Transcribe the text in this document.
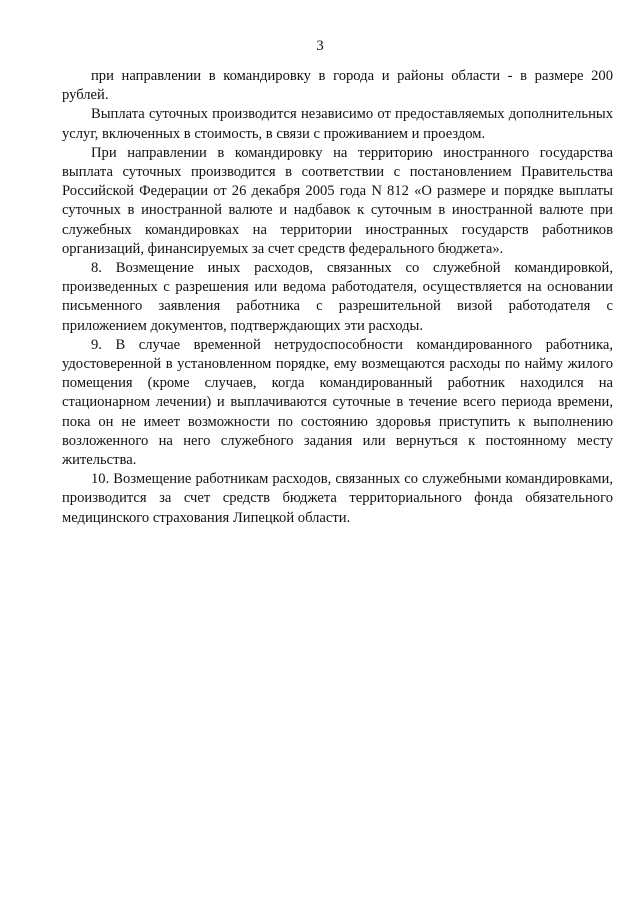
3

при направлении в командировку в города и районы области - в размере 200 рублей.

Выплата суточных производится независимо от предоставляемых дополнительных услуг, включенных в стоимость, в связи с проживанием и проездом.

При направлении в командировку на территорию иностранного государства выплата суточных производится в соответствии с постановлением Правительства Российской Федерации от 26 декабря 2005 года N 812 «О размере и порядке выплаты суточных в иностранной валюте и надбавок к суточным в иностранной валюте при служебных командировках на территории иностранных государств работников организаций, финансируемых за счет средств федерального бюджета».

8. Возмещение иных расходов, связанных со служебной командировкой, произведенных с разрешения или ведома работодателя, осуществляется на основании письменного заявления работника с разрешительной визой работодателя с приложением документов, подтверждающих эти расходы.

9. В случае временной нетрудоспособности командированного работника, удостоверенной в установленном порядке, ему возмещаются расходы по найму жилого помещения (кроме случаев, когда командированный работник находился на стационарном лечении) и выплачиваются суточные в течение всего периода времени, пока он не имеет возможности по состоянию здоровья приступить к выполнению возложенного на него служебного задания или вернуться к постоянному месту жительства.

10. Возмещение работникам расходов, связанных со служебными командировками, производится за счет средств бюджета территориального фонда обязательного медицинского страхования Липецкой области.
